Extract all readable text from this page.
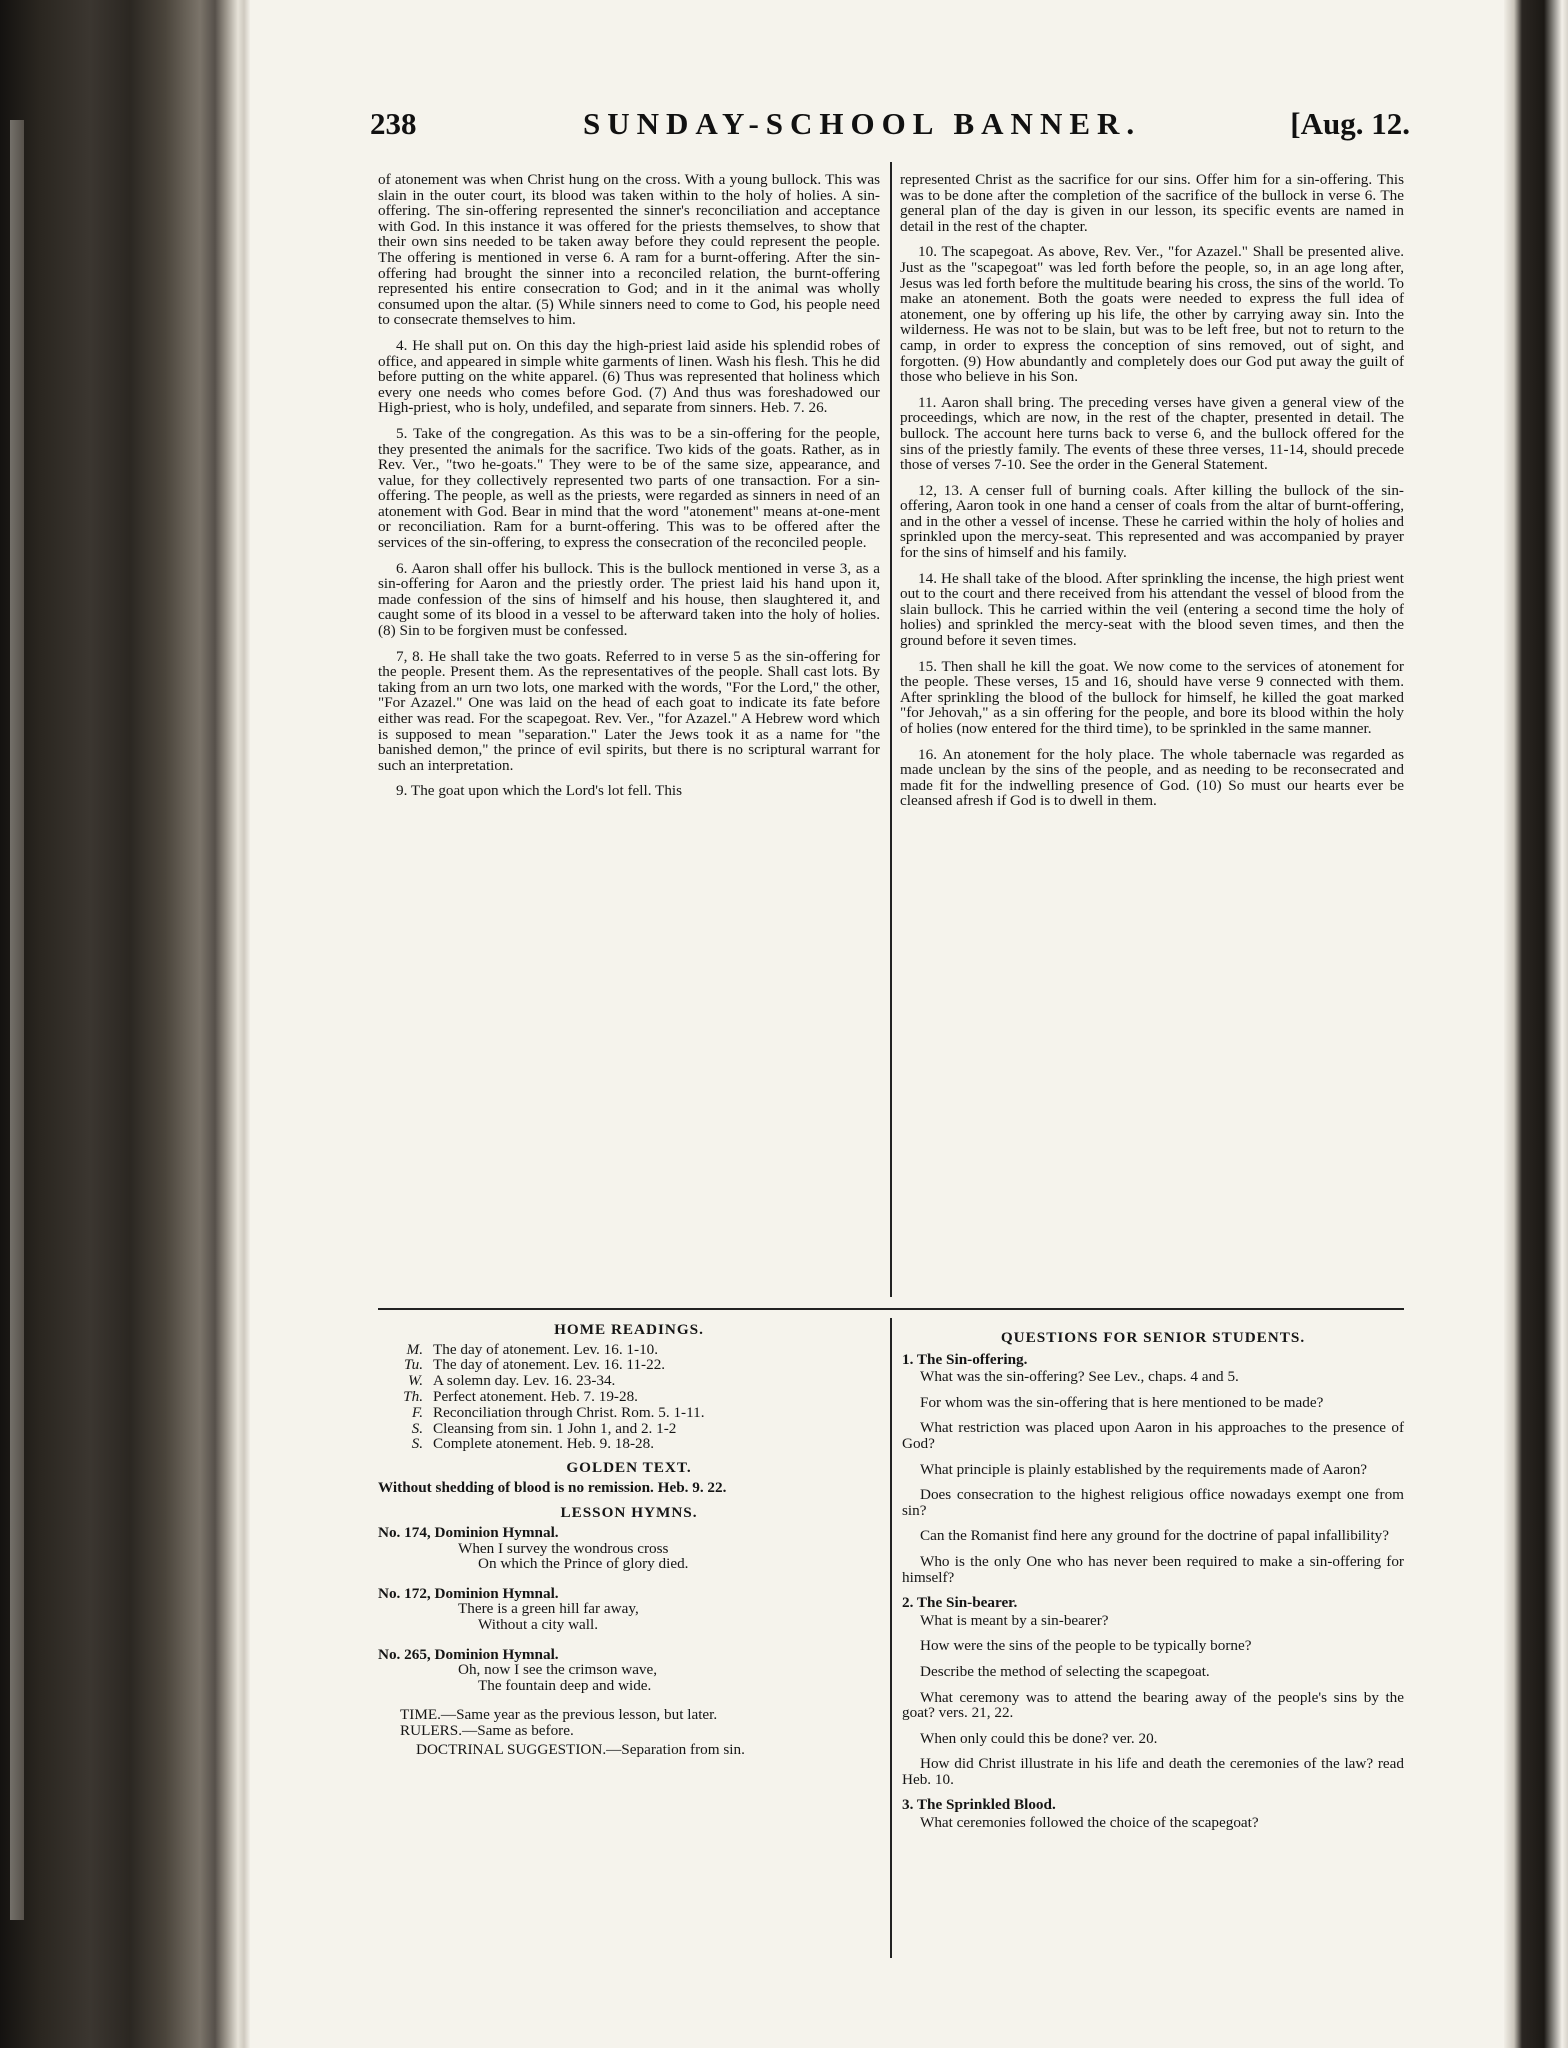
238	SUNDAY-SCHOOL BANNER.	[Aug. 12.

of atonement was when Christ hung on the cross. With a young bullock. This was slain in the outer court, its blood was taken within to the holy of holies. A sin-offering. The sin-offering represented the sinner's reconciliation and acceptance with God. In this instance it was offered for the priests themselves, to show that their own sins needed to be taken away before they could represent the people. The offering is mentioned in verse 6. A ram for a burnt-offering. After the sin-offering had brought the sinner into a reconciled relation, the burnt-offering represented his entire consecration to God; and in it the animal was wholly consumed upon the altar. (5) While sinners need to come to God, his people need to consecrate themselves to him.

4. He shall put on. On this day the high-priest laid aside his splendid robes of office, and appeared in simple white garments of linen. Wash his flesh. This he did before putting on the white apparel. (6) Thus was represented that holiness which every one needs who comes before God. (7) And thus was foreshadowed our High-priest, who is holy, undefiled, and separate from sinners. Heb. 7. 26.

5. Take of the congregation. As this was to be a sin-offering for the people, they presented the animals for the sacrifice. Two kids of the goats. Rather, as in Rev. Ver., "two he-goats." They were to be of the same size, appearance, and value, for they collectively represented two parts of one transaction. For a sin-offering. The people, as well as the priests, were regarded as sinners in need of an atonement with God. Bear in mind that the word "atonement" means at-one-ment or reconciliation. Ram for a burnt-offering. This was to be offered after the services of the sin-offering, to express the consecration of the reconciled people.

6. Aaron shall offer his bullock. This is the bullock mentioned in verse 3, as a sin-offering for Aaron and the priestly order. The priest laid his hand upon it, made confession of the sins of himself and his house, then slaughtered it, and caught some of its blood in a vessel to be afterward taken into the holy of holies. (8) Sin to be forgiven must be confessed.

7, 8. He shall take the two goats. Referred to in verse 5 as the sin-offering for the people. Present them. As the representatives of the people. Shall cast lots. By taking from an urn two lots, one marked with the words, "For the Lord," the other, "For Azazel." One was laid on the head of each goat to indicate its fate before either was read. For the scapegoat. Rev. Ver., "for Azazel." A Hebrew word which is supposed to mean "separation." Later the Jews took it as a name for "the banished demon," the prince of evil spirits, but there is no scriptural warrant for such an interpretation.

9. The goat upon which the Lord's lot fell. This

represented Christ as the sacrifice for our sins. Offer him for a sin-offering. This was to be done after the completion of the sacrifice of the bullock in verse 6. The general plan of the day is given in our lesson, its specific events are named in detail in the rest of the chapter.

10. The scapegoat. As above, Rev. Ver., "for Azazel." Shall be presented alive. Just as the "scapegoat" was led forth before the people, so, in an age long after, Jesus was led forth before the multitude bearing his cross, the sins of the world. To make an atonement. Both the goats were needed to express the full idea of atonement, one by offering up his life, the other by carrying away sin. Into the wilderness. He was not to be slain, but was to be left free, but not to return to the camp, in order to express the conception of sins removed, out of sight, and forgotten. (9) How abundantly and completely does our God put away the guilt of those who believe in his Son.

11. Aaron shall bring. The preceding verses have given a general view of the proceedings, which are now, in the rest of the chapter, presented in detail. The bullock. The account here turns back to verse 6, and the bullock offered for the sins of the priestly family. The events of these three verses, 11-14, should precede those of verses 7-10. See the order in the General Statement.

12, 13. A censer full of burning coals. After killing the bullock of the sin-offering, Aaron took in one hand a censer of coals from the altar of burnt-offering, and in the other a vessel of incense. These he carried within the holy of holies and sprinkled upon the mercy-seat. This represented and was accompanied by prayer for the sins of himself and his family.

14. He shall take of the blood. After sprinkling the incense, the high priest went out to the court and there received from his attendant the vessel of blood from the slain bullock. This he carried within the veil (entering a second time the holy of holies) and sprinkled the mercy-seat with the blood seven times, and then the ground before it seven times.

15. Then shall he kill the goat. We now come to the services of atonement for the people. These verses, 15 and 16, should have verse 9 connected with them. After sprinkling the blood of the bullock for himself, he killed the goat marked "for Jehovah," as a sin offering for the people, and bore its blood within the holy of holies (now entered for the third time), to be sprinkled in the same manner.

16. An atonement for the holy place. The whole tabernacle was regarded as made unclean by the sins of the people, and as needing to be reconsecrated and made fit for the indwelling presence of God. (10) So must our hearts ever be cleansed afresh if God is to dwell in them.

HOME READINGS.
M. The day of atonement. Lev. 16. 1-10.
Tu. The day of atonement. Lev. 16. 11-22.
W. A solemn day. Lev. 16. 23-34.
Th. Perfect atonement. Heb. 7. 19-28.
F. Reconciliation through Christ. Rom. 5. 1-11.
S. Cleansing from sin. 1 John 1, and 2. 1-2
S. Complete atonement. Heb. 9. 18-28.
GOLDEN TEXT.
Without shedding of blood is no remission. Heb. 9. 22.
LESSON HYMNS.
No. 174, Dominion Hymnal.
When I survey the wondrous cross
On which the Prince of glory died.
No. 172, Dominion Hymnal.
There is a green hill far away,
Without a city wall.
No. 265, Dominion Hymnal.
Oh, now I see the crimson wave,
The fountain deep and wide.
TIME.—Same year as the previous lesson, but later.
RULERS.—Same as before.
DOCTRINAL SUGGESTION.—Separation from sin.
QUESTIONS FOR SENIOR STUDENTS.
1. The Sin-offering.

What was the sin-offering? See Lev., chaps. 4 and 5.

For whom was the sin-offering that is here mentioned to be made?

What restriction was placed upon Aaron in his approaches to the presence of God?

What principle is plainly established by the requirements made of Aaron?

Does consecration to the highest religious office nowadays exempt one from sin?

Can the Romanist find here any ground for the doctrine of papal infallibility?

Who is the only One who has never been required to make a sin-offering for himself?

2. The Sin-bearer.

What is meant by a sin-bearer?

How were the sins of the people to be typically borne?

Describe the method of selecting the scapegoat.

What ceremony was to attend the bearing away of the people's sins by the goat? vers. 21, 22.

When only could this be done? ver. 20.

How did Christ illustrate in his life and death the ceremonies of the law? read Heb. 10.

3. The Sprinkled Blood.

What ceremonies followed the choice of the scapegoat?
